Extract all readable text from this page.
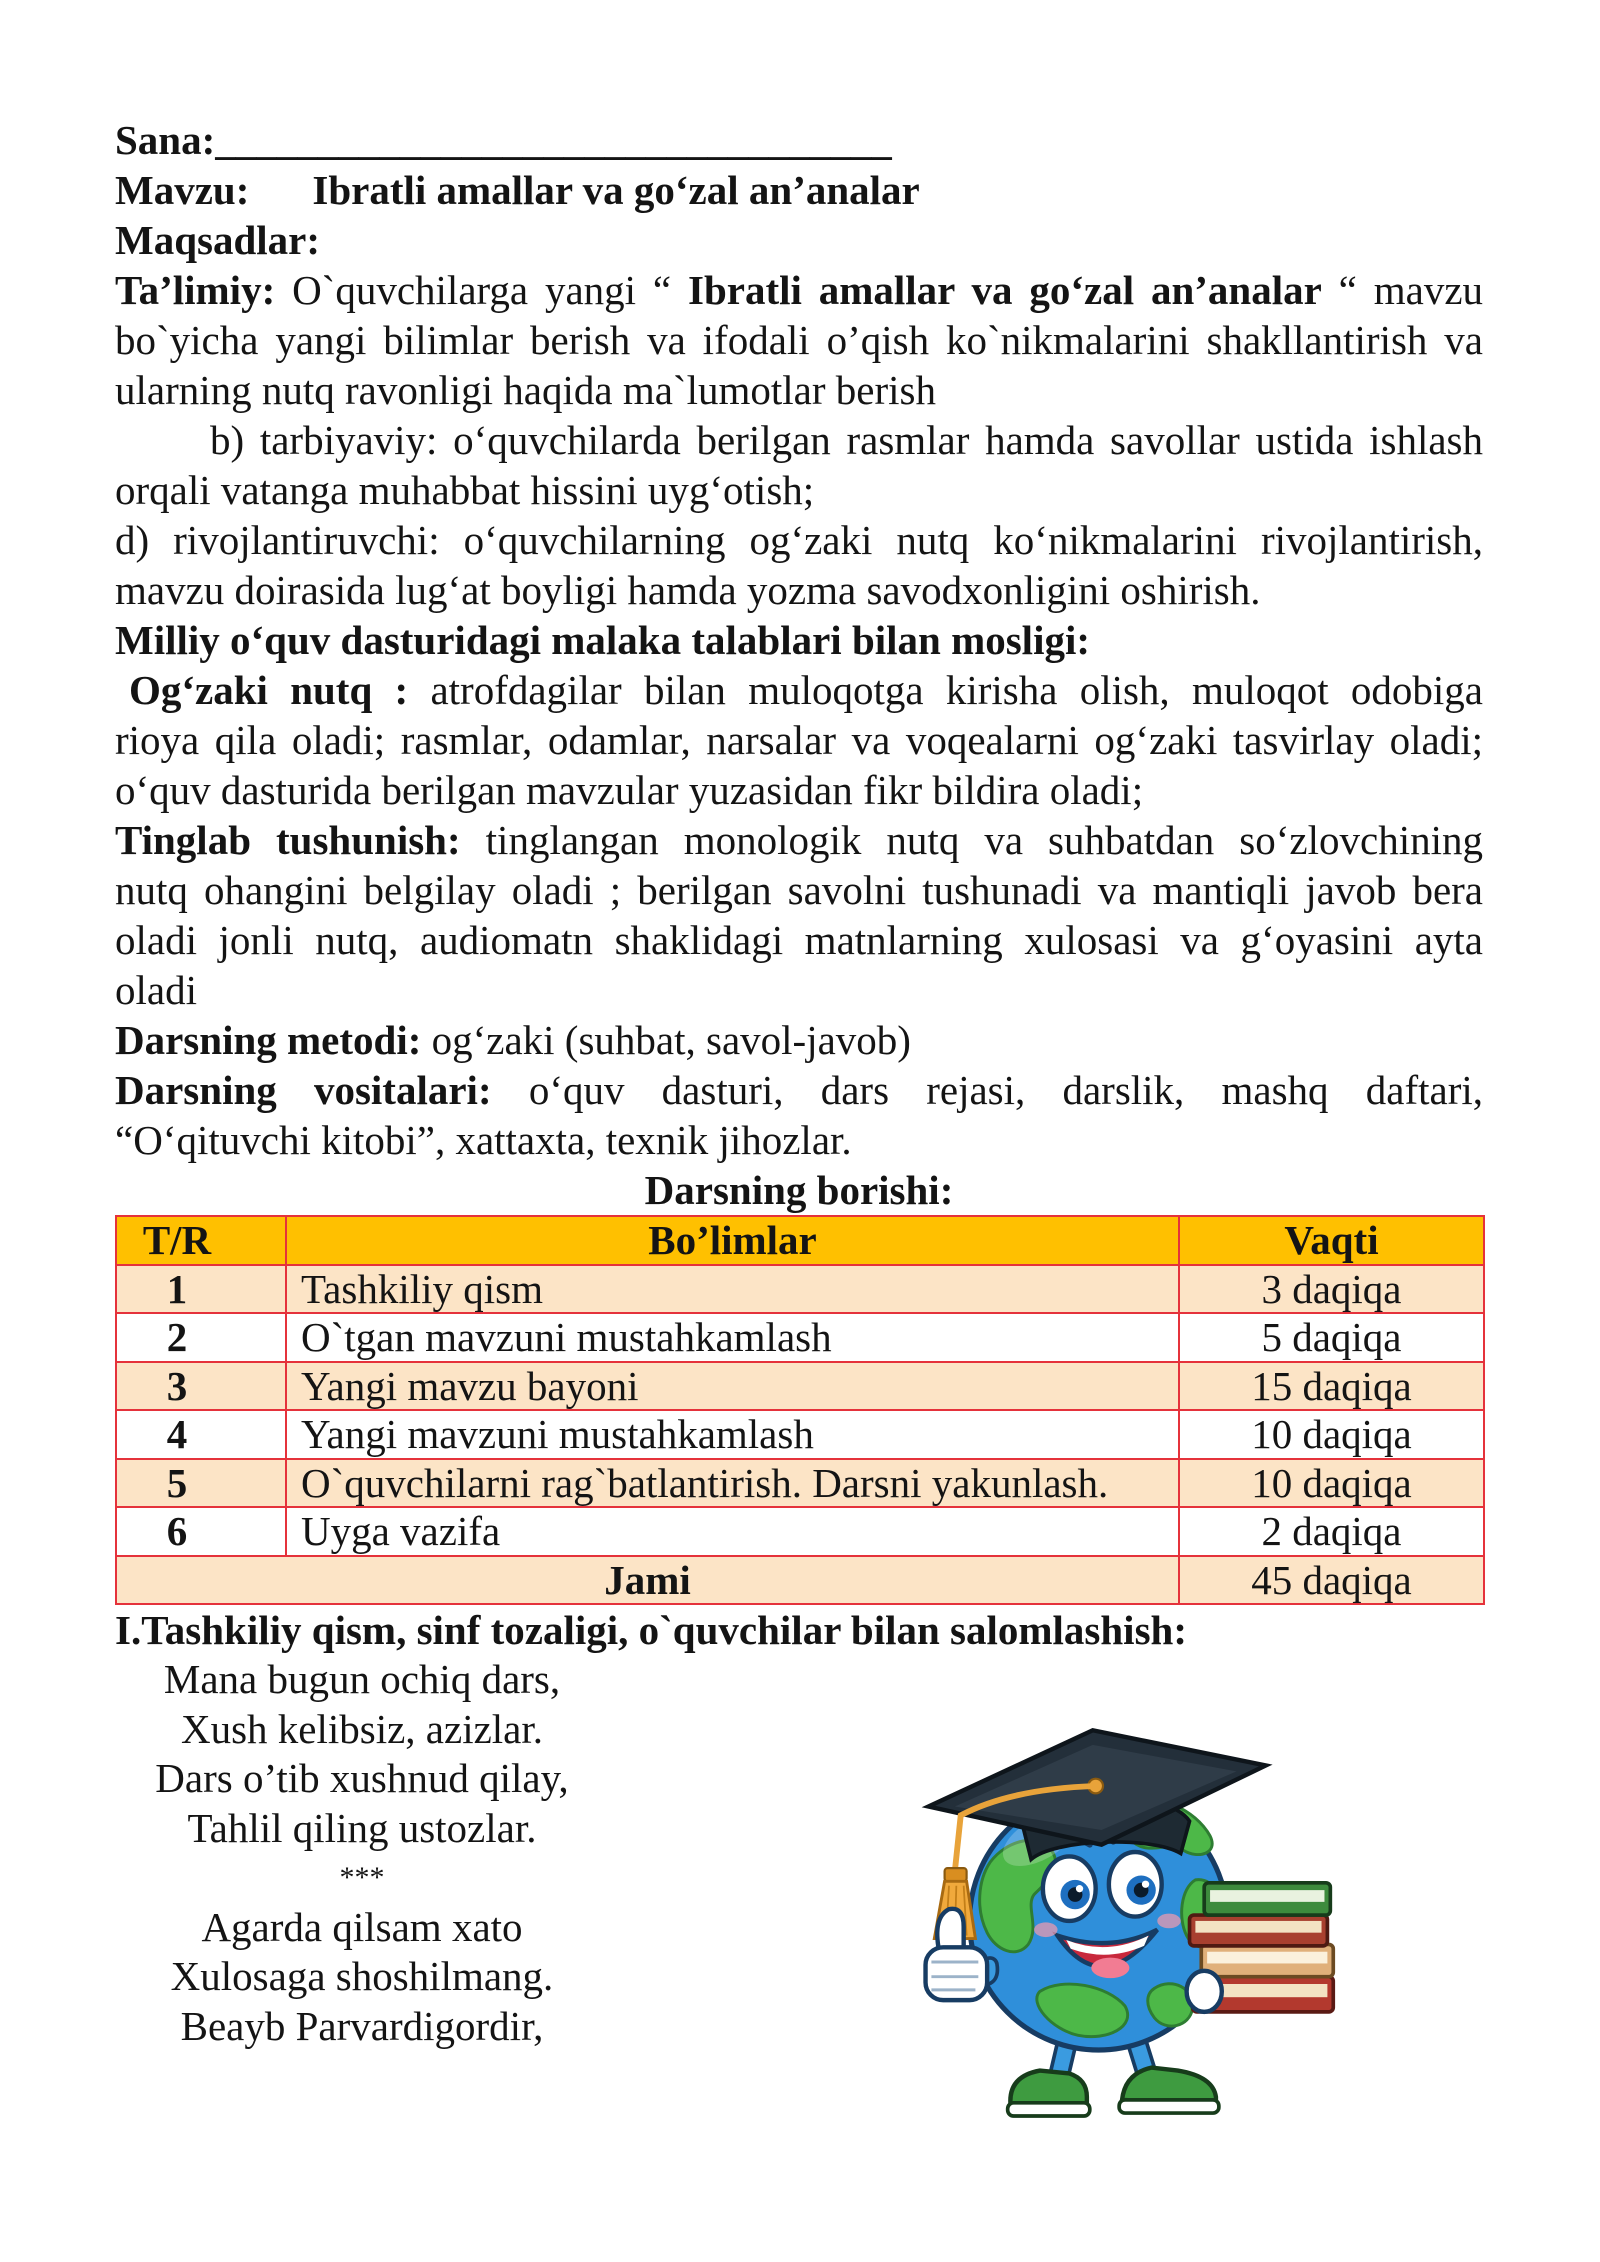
Sana:_________________________________
Mavzu: Ibratli amallar va go‘zal an’analar
Maqsadlar:
Ta’limiy: O`quvchilarga yangi “ Ibratli amallar va go‘zal an’analar “ mavzu
bo`yicha yangi bilimlar berish va ifodali o’qish ko`nikmalarini shakllantirish va
ularning nutq ravonligi haqida ma`lumotlar berish
b) tarbiyaviy: o‘quvchilarda berilgan rasmlar hamda savollar ustida ishlash
orqali vatanga muhabbat hissini uyg‘otish;
d) rivojlantiruvchi: o‘quvchilarning og‘zaki nutq ko‘nikmalarini rivojlantirish,
mavzu doirasida lug‘at boyligi hamda yozma savodxonligini oshirish.
Milliy o‘quv dasturidagi malaka talablari bilan mosligi:
Og‘zaki nutq : atrofdagilar bilan muloqotga kirisha olish, muloqot odobiga
rioya qila oladi; rasmlar, odamlar, narsalar va voqealarni og‘zaki tasvirlay oladi;
o‘quv dasturida berilgan mavzular yuzasidan fikr bildira oladi;
Tinglab tushunish: tinglangan monologik nutq va suhbatdan so‘zlovchining
nutq ohangini belgilay oladi ; berilgan savolni tushunadi va mantiqli javob bera
oladi jonli nutq, audiomatn shaklidagi matnlarning xulosasi va g‘oyasini ayta
oladi
Darsning metodi: og‘zaki (suhbat, savol-javob)
Darsning vositalari: o‘quv dasturi, dars rejasi, darslik, mashq daftari,
“O‘qituvchi kitobi”, xattaxta, texnik jihozlar.
Darsning borishi:
T/R	Bo’limlar	Vaqti
1	Tashkiliy qism	3 daqiqa
2	O`tgan mavzuni mustahkamlash	5 daqiqa
3	Yangi mavzu bayoni	15 daqiqa
4	Yangi mavzuni mustahkamlash	10 daqiqa
5	O`quvchilarni rag`batlantirish. Darsni yakunlash.	10 daqiqa
6	Uyga vazifa	2 daqiqa
Jami		45 daqiqa
I.Tashkiliy qism, sinf tozaligi, o`quvchilar bilan salomlashish:
Mana bugun ochiq dars,
Xush kelibsiz, azizlar.
Dars o’tib xushnud qilay,
Tahlil qiling ustozlar.
***
Agarda qilsam xato
Xulosaga shoshilmang.
Beayb Parvardigordir,
